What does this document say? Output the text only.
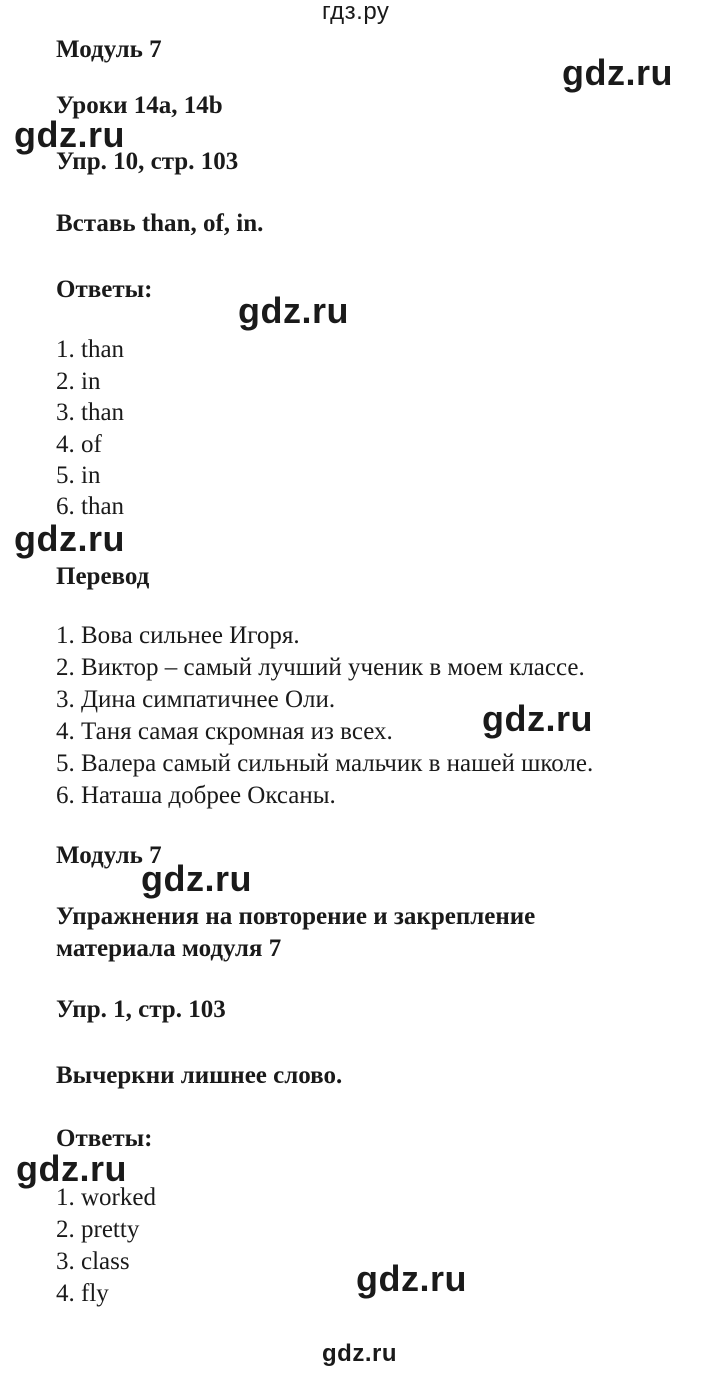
гдз.ру
Модуль 7
Уроки 14a, 14b
Упр. 10, стр. 103
Вставь than, of, in.
Ответы:
1. than
2. in
3. than
4. of
5. in
6. than
Перевод
1. Вова сильнее Игоря.
2. Виктор – самый лучший ученик в моем классе.
3. Дина симпатичнее Оли.
4. Таня самая скромная из всех.
5. Валера самый сильный мальчик в нашей школе.
6. Наташа добрее Оксаны.
Модуль 7
Упражнения на повторение и закрепление
материала модуля 7
Упр. 1, стр. 103
Вычеркни лишнее слово.
Ответы:
1. worked
2. pretty
3. class
4. fly
gdz.ru
gdz.ru
gdz.ru
gdz.ru
gdz.ru
gdz.ru
gdz.ru
gdz.ru
gdz.ru
